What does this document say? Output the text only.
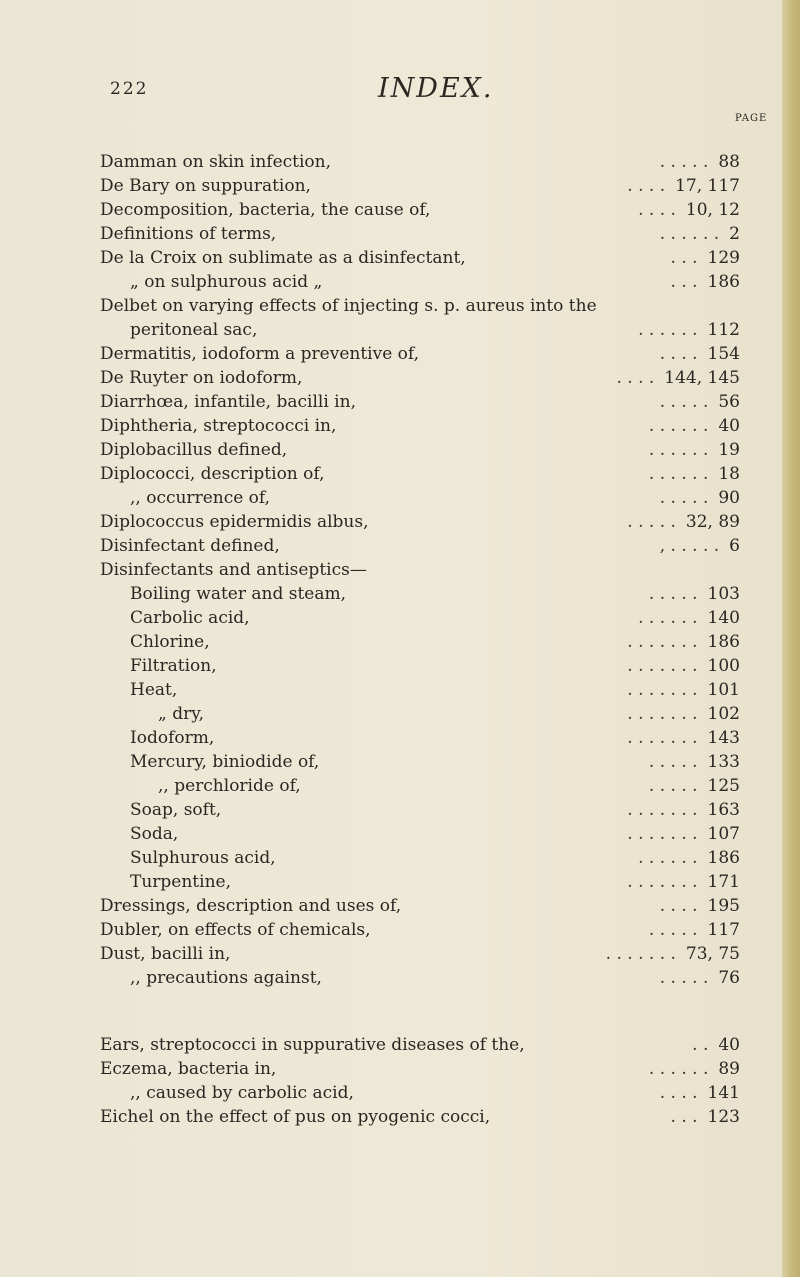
222	INDEX.
PAGE
Damman on skin infection,	. . . . . 88
De Bary on suppuration,	. . . . 17, 117
Decomposition, bacteria, the cause of,	. . . . 10, 12
Definitions of terms,	. . . . . . 2
De la Croix on sublimate as a disinfectant,	. . . 129
„ on sulphurous acid „	. . . 186
Delbet on varying effects of injecting s. p. aureus into the
peritoneal sac,	. . . . . . 112
Dermatitis, iodoform a preventive of,	. . . . 154
De Ruyter on iodoform,	. . . . 144, 145
Diarrhœa, infantile, bacilli in,	. . . . . 56
Diphtheria, streptococci in,	. . . . . . 40
Diplobacillus defined,	. . . . . . 19
Diplococci, description of,	. . . . . . 18
,, occurrence of,	. . . . . 90
Diplococcus epidermidis albus,	. . . . . 32, 89
Disinfectant defined,	, . . . . . 6
Disinfectants and antiseptics—
Boiling water and steam,	. . . . . 103
Carbolic acid,	. . . . . . 140
Chlorine,	. . . . . . . 186
Filtration,	. . . . . . . 100
Heat,	. . . . . . . 101
„ dry,	. . . . . . . 102
Iodoform,	. . . . . . . 143
Mercury, biniodide of,	. . . . . 133
,, perchloride of,	. . . . . 125
Soap, soft,	. . . . . . . 163
Soda,	. . . . . . . 107
Sulphurous acid,	. . . . . . 186
Turpentine,	. . . . . . . 171
Dressings, description and uses of,	. . . . 195
Dubler, on effects of chemicals,	. . . . . 117
Dust, bacilli in,	. . . . . . . 73, 75
,, precautions against,	. . . . . 76
Ears, streptococci in suppurative diseases of the,	. . 40
Eczema, bacteria in,	. . . . . . 89
,, caused by carbolic acid,	. . . . 141
Eichel on the effect of pus on pyogenic cocci,	. . . 123
